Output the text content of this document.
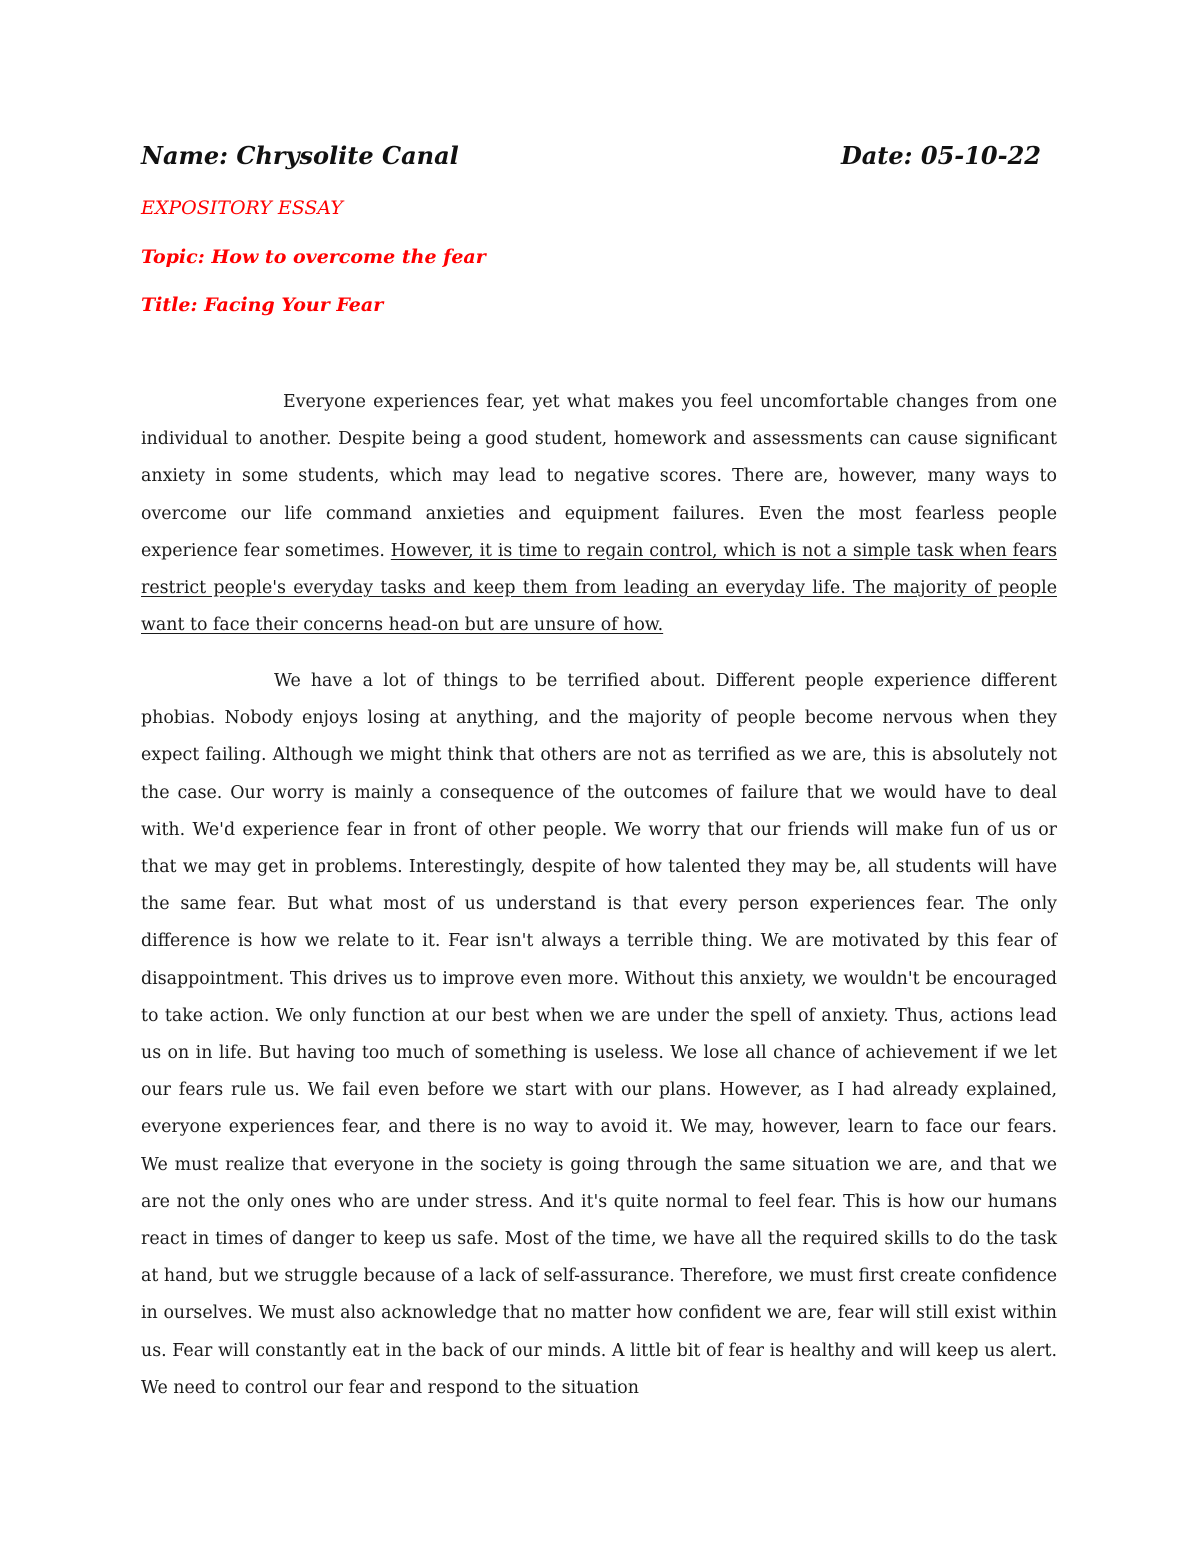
Name: Chrysolite Canal	Date: 05-10-22
EXPOSITORY ESSAY
Topic: How to overcome the fear
Title: Facing Your Fear

Everyone experiences fear, yet what makes you feel uncomfortable changes from one individual to another. Despite being a good student, homework and assessments can cause significant anxiety in some students, which may lead to negative scores. There are, however, many ways to overcome our life command anxieties and equipment failures. Even the most fearless people experience fear sometimes. However, it is time to regain control, which is not a simple task when fears restrict people's everyday tasks and keep them from leading an everyday life. The majority of people want to face their concerns head-on but are unsure of how.

We have a lot of things to be terrified about. Different people experience different phobias. Nobody enjoys losing at anything, and the majority of people become nervous when they expect failing. Although we might think that others are not as terrified as we are, this is absolutely not the case. Our worry is mainly a consequence of the outcomes of failure that we would have to deal with. We'd experience fear in front of other people. We worry that our friends will make fun of us or that we may get in problems. Interestingly, despite of how talented they may be, all students will have the same fear. But what most of us understand is that every person experiences fear. The only difference is how we relate to it. Fear isn't always a terrible thing. We are motivated by this fear of disappointment. This drives us to improve even more. Without this anxiety, we wouldn't be encouraged to take action. We only function at our best when we are under the spell of anxiety. Thus, actions lead us on in life. But having too much of something is useless. We lose all chance of achievement if we let our fears rule us. We fail even before we start with our plans. However, as I had already explained, everyone experiences fear, and there is no way to avoid it. We may, however, learn to face our fears. We must realize that everyone in the society is going through the same situation we are, and that we are not the only ones who are under stress. And it's quite normal to feel fear. This is how our humans react in times of danger to keep us safe. Most of the time, we have all the required skills to do the task at hand, but we struggle because of a lack of self-assurance. Therefore, we must first create confidence in ourselves. We must also acknowledge that no matter how confident we are, fear will still exist within us. Fear will constantly eat in the back of our minds. A little bit of fear is healthy and will keep us alert. We need to control our fear and respond to the situation
